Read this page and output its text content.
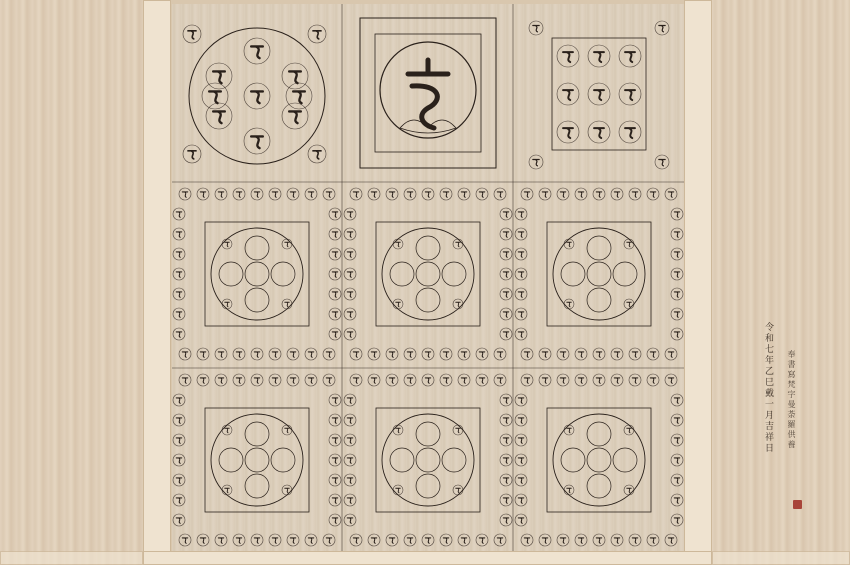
令和七年乙巳戴一月吉祥日 奉書寫梵字曼荼羅供養
